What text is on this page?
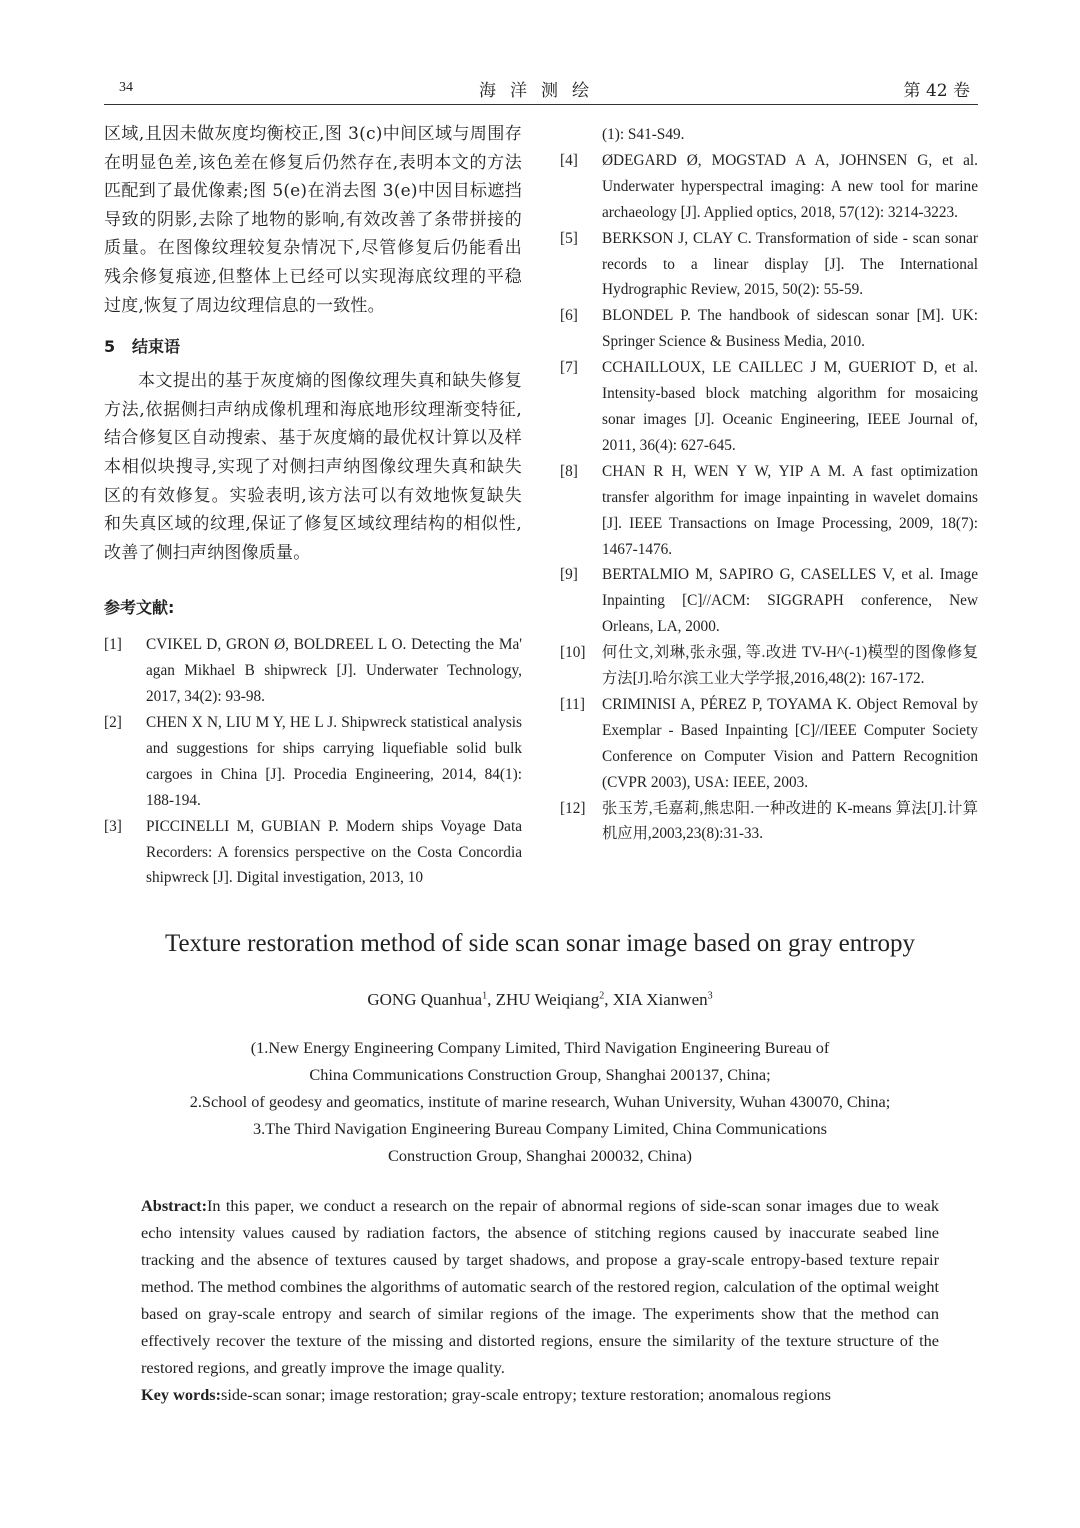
34	海洋测绘	第 42 卷

区域,且因未做灰度均衡校正,图 3(c)中间区域与周围存在明显色差,该色差在修复后仍然存在,表明本文的方法匹配到了最优像素;图 5(e)在消去图 3(e)中因目标遮挡导致的阴影,去除了地物的影响,有效改善了条带拼接的质量。在图像纹理较复杂情况下,尽管修复后仍能看出残余修复痕迹,但整体上已经可以实现海底纹理的平稳过度,恢复了周边纹理信息的一致性。

5 结束语

本文提出的基于灰度熵的图像纹理失真和缺失修复方法,依据侧扫声纳成像机理和海底地形纹理渐变特征,结合修复区自动搜索、基于灰度熵的最优权计算以及样本相似块搜寻,实现了对侧扫声纳图像纹理失真和缺失区的有效修复。实验表明,该方法可以有效地恢复缺失和失真区域的纹理,保证了修复区域纹理结构的相似性,改善了侧扫声纳图像质量。

参考文献:
[1]	CVIKEL D, GRON Ø, BOLDREEL L O. Detecting the Ma' agan Mikhael B shipwreck [J]. Underwater Technology, 2017, 34(2): 93-98.
[2]	CHEN X N, LIU M Y, HE L J. Shipwreck statistical analysis and suggestions for ships carrying liquefiable solid bulk cargoes in China [J]. Procedia Engineering, 2014, 84(1): 188-194.
[3]	PICCINELLI M, GUBIAN P. Modern ships Voyage Data Recorders: A forensics perspective on the Costa Concordia shipwreck [J]. Digital investigation, 2013, 10

(1): S41-S49.

[4]	ØDEGARD Ø, MOGSTAD A A, JOHNSEN G, et al. Underwater hyperspectral imaging: A new tool for marine archaeology [J]. Applied optics, 2018, 57(12): 3214-3223.
[5]	BERKSON J, CLAY C. Transformation of side - scan sonar records to a linear display [J]. The International Hydrographic Review, 2015, 50(2): 55-59.
[6]	BLONDEL P. The handbook of sidescan sonar [M]. UK: Springer Science & Business Media, 2010.
[7]	CCHAILLOUX, LE CAILLEC J M, GUERIOT D, et al. Intensity-based block matching algorithm for mosaicing sonar images [J]. Oceanic Engineering, IEEE Journal of, 2011, 36(4): 627-645.
[8]	CHAN R H, WEN Y W, YIP A M. A fast optimization transfer algorithm for image inpainting in wavelet domains [J]. IEEE Transactions on Image Processing, 2009, 18(7): 1467-1476.
[9]	BERTALMIO M, SAPIRO G, CASELLES V, et al. Image Inpainting [C]//ACM: SIGGRAPH conference, New Orleans, LA, 2000.
[10]	何仕文,刘琳,张永强, 等.改进 TV-H^(-1)模型的图像修复方法[J].哈尔滨工业大学学报,2016,48(2): 167-172.
[11]	CRIMINISI A, PÉREZ P, TOYAMA K. Object Removal by Exemplar - Based Inpainting [C]//IEEE Computer Society Conference on Computer Vision and Pattern Recognition (CVPR 2003), USA: IEEE, 2003.
[12]	张玉芳,毛嘉莉,熊忠阳.一种改进的 K-means 算法[J].计算机应用,2003,23(8):31-33.
Texture restoration method of side scan sonar image based on gray entropy
GONG Quanhua$^1$, ZHU Weiqiang$^2$, XIA Xianwen$^3$
(1.New Energy Engineering Company Limited, Third Navigation Engineering Bureau of
China Communications Construction Group, Shanghai 200137, China;
2.School of geodesy and geomatics, institute of marine research, Wuhan University, Wuhan 430070, China;
3.The Third Navigation Engineering Bureau Company Limited, China Communications
Construction Group, Shanghai 200032, China)
Abstract:In this paper, we conduct a research on the repair of abnormal regions of side-scan sonar images due to weak echo intensity values caused by radiation factors, the absence of stitching regions caused by inaccurate seabed line tracking and the absence of textures caused by target shadows, and propose a gray-scale entropy-based texture repair method. The method combines the algorithms of automatic search of the restored region, calculation of the optimal weight based on gray-scale entropy and search of similar regions of the image. The experiments show that the method can effectively recover the texture of the missing and distorted regions, ensure the similarity of the texture structure of the restored regions, and greatly improve the image quality.
Key words:side-scan sonar; image restoration; gray-scale entropy; texture restoration; anomalous regions
